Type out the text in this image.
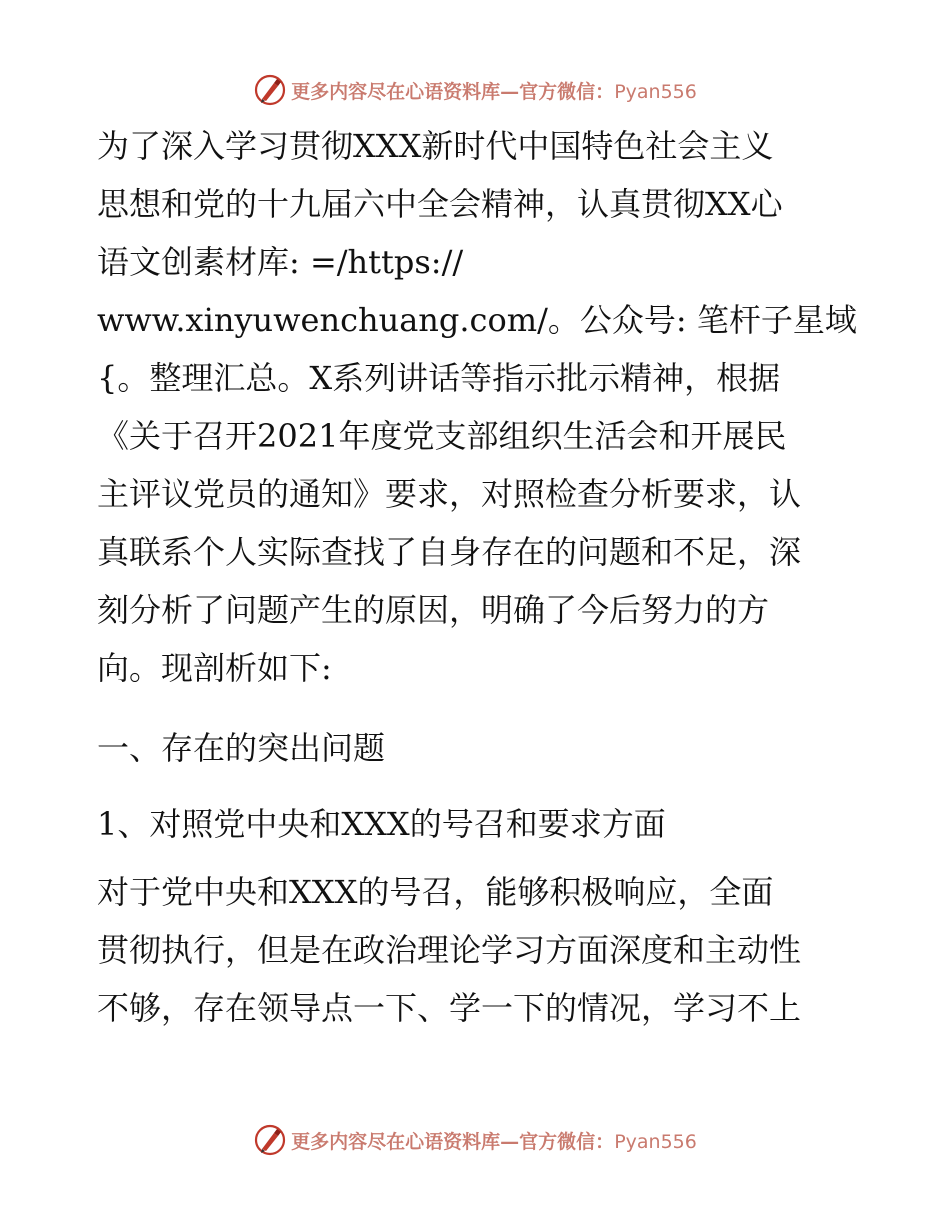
更多内容尽在心语资料库—官方微信：Pyan556
为了深入学习贯彻XXX新时代中国特色社会主义
思想和党的十九届六中全会精神，认真贯彻XX心
语文创素材库: =/https://
www.xinyuwenchuang.com/。公众号: 笔杆子星域
{。整理汇总。X系列讲话等指示批示精神，根据
《关于召开2021年度党支部组织生活会和开展民
主评议党员的通知》要求，对照检查分析要求，认
真联系个人实际查找了自身存在的问题和不足，深
刻分析了问题产生的原因，明确了今后努力的方
向。现剖析如下:
一、存在的突出问题
1、对照党中央和XXX的号召和要求方面
对于党中央和XXX的号召，能够积极响应，全面
贯彻执行，但是在政治理论学习方面深度和主动性
不够，存在领导点一下、学一下的情况，学习不上
更多内容尽在心语资料库—官方微信：Pyan556
